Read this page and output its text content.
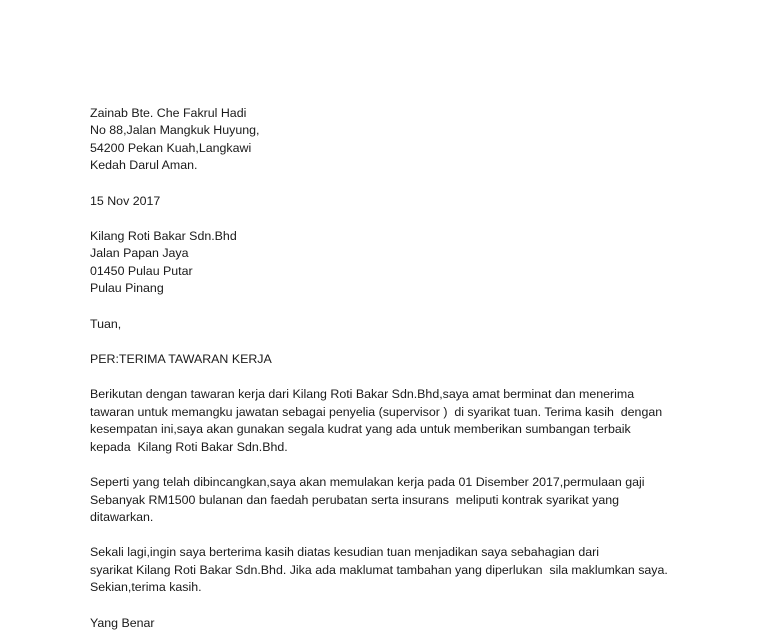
Zainab Bte. Che Fakrul Hadi
No 88,Jalan Mangkuk Huyung,
54200 Pekan Kuah,Langkawi
Kedah Darul Aman.
15 Nov 2017
Kilang Roti Bakar Sdn.Bhd
Jalan Papan Jaya
01450 Pulau Putar
Pulau Pinang
Tuan,
PER:TERIMA TAWARAN KERJA
Berikutan dengan tawaran kerja dari Kilang Roti Bakar Sdn.Bhd,saya amat berminat dan menerima
tawaran untuk memangku jawatan sebagai penyelia (supervisor )  di syarikat tuan. Terima kasih  dengan
kesempatan ini,saya akan gunakan segala kudrat yang ada untuk memberikan sumbangan terbaik
kepada  Kilang Roti Bakar Sdn.Bhd.
Seperti yang telah dibincangkan,saya akan memulakan kerja pada 01 Disember 2017,permulaan gaji
Sebanyak RM1500 bulanan dan faedah perubatan serta insurans  meliputi kontrak syarikat yang
ditawarkan.
Sekali lagi,ingin saya berterima kasih diatas kesudian tuan menjadikan saya sebahagian dari
syarikat Kilang Roti Bakar Sdn.Bhd. Jika ada maklumat tambahan yang diperlukan  sila maklumkan saya.
Sekian,terima kasih.
Yang Benar
